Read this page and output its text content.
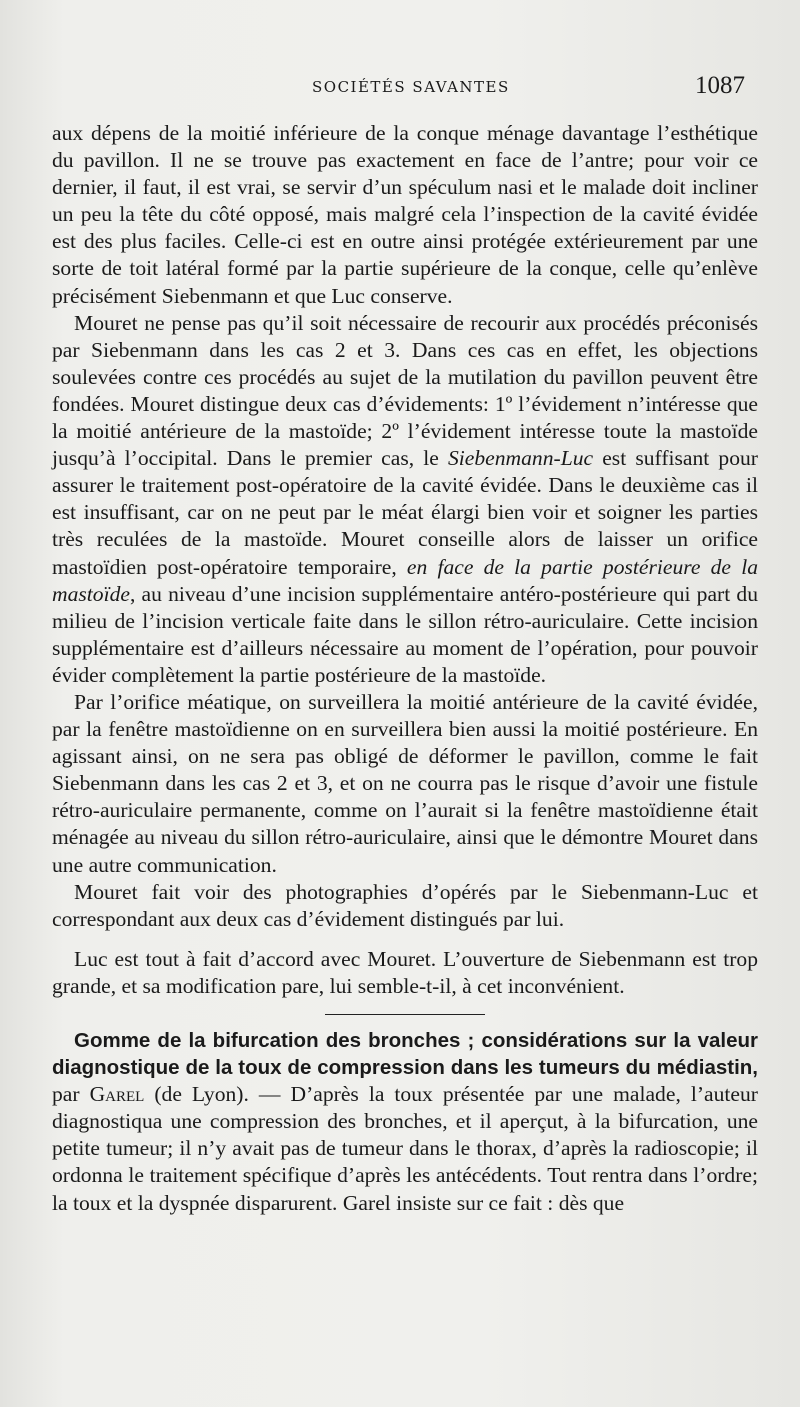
SOCIÉTÉS SAVANTES	1087

aux dépens de la moitié inférieure de la conque ménage davantage l’esthétique du pavillon. Il ne se trouve pas exactement en face de l’antre; pour voir ce dernier, il faut, il est vrai, se servir d’un spéculum nasi et le malade doit incliner un peu la tête du côté opposé, mais malgré cela l’inspection de la cavité évidée est des plus faciles. Celle-ci est en outre ainsi protégée extérieurement par une sorte de toit latéral formé par la partie supérieure de la conque, celle qu’enlève précisément Siebenmann et que Luc conserve.

Mouret ne pense pas qu’il soit nécessaire de recourir aux procédés préconisés par Siebenmann dans les cas 2 et 3. Dans ces cas en effet, les objections soulevées contre ces procédés au sujet de la mutilation du pavillon peuvent être fondées. Mouret distingue deux cas d’évidements: 1º l’évidement n’intéresse que la moitié antérieure de la mastoïde; 2º l’évidement intéresse toute la mastoïde jusqu’à l’occipital. Dans le premier cas, le Siebenmann-Luc est suffisant pour assurer le traitement post-opératoire de la cavité évidée. Dans le deuxième cas il est insuffisant, car on ne peut par le méat élargi bien voir et soigner les parties très reculées de la mastoïde. Mouret conseille alors de laisser un orifice mastoïdien post-opératoire temporaire, en face de la partie postérieure de la mastoïde, au niveau d’une incision supplémentaire antéro-postérieure qui part du milieu de l’incision verticale faite dans le sillon rétro-auriculaire. Cette incision supplémentaire est d’ailleurs nécessaire au moment de l’opération, pour pouvoir évider complètement la partie postérieure de la mastoïde.

Par l’orifice méatique, on surveillera la moitié antérieure de la cavité évidée, par la fenêtre mastoïdienne on en surveillera bien aussi la moitié postérieure. En agissant ainsi, on ne sera pas obligé de déformer le pavillon, comme le fait Siebenmann dans les cas 2 et 3, et on ne courra pas le risque d’avoir une fistule rétro-auriculaire permanente, comme on l’aurait si la fenêtre mastoïdienne était ménagée au niveau du sillon rétro-auriculaire, ainsi que le démontre Mouret dans une autre communication.

Mouret fait voir des photographies d’opérés par le Siebenmann-Luc et correspondant aux deux cas d’évidement distingués par lui.

Luc est tout à fait d’accord avec Mouret. L’ouverture de Siebenmann est trop grande, et sa modification pare, lui semble-t-il, à cet inconvénient.

Gomme de la bifurcation des bronches ; considérations sur la valeur diagnostique de la toux de compression dans les tumeurs du médiastin, par Garel (de Lyon). — D’après la toux présentée par une malade, l’auteur diagnostiqua une compression des bronches, et il aperçut, à la bifurcation, une petite tumeur; il n’y avait pas de tumeur dans le thorax, d’après la radioscopie; il ordonna le traitement spécifique d’après les antécédents. Tout rentra dans l’ordre; la toux et la dyspnée disparurent. Garel insiste sur ce fait : dès que
